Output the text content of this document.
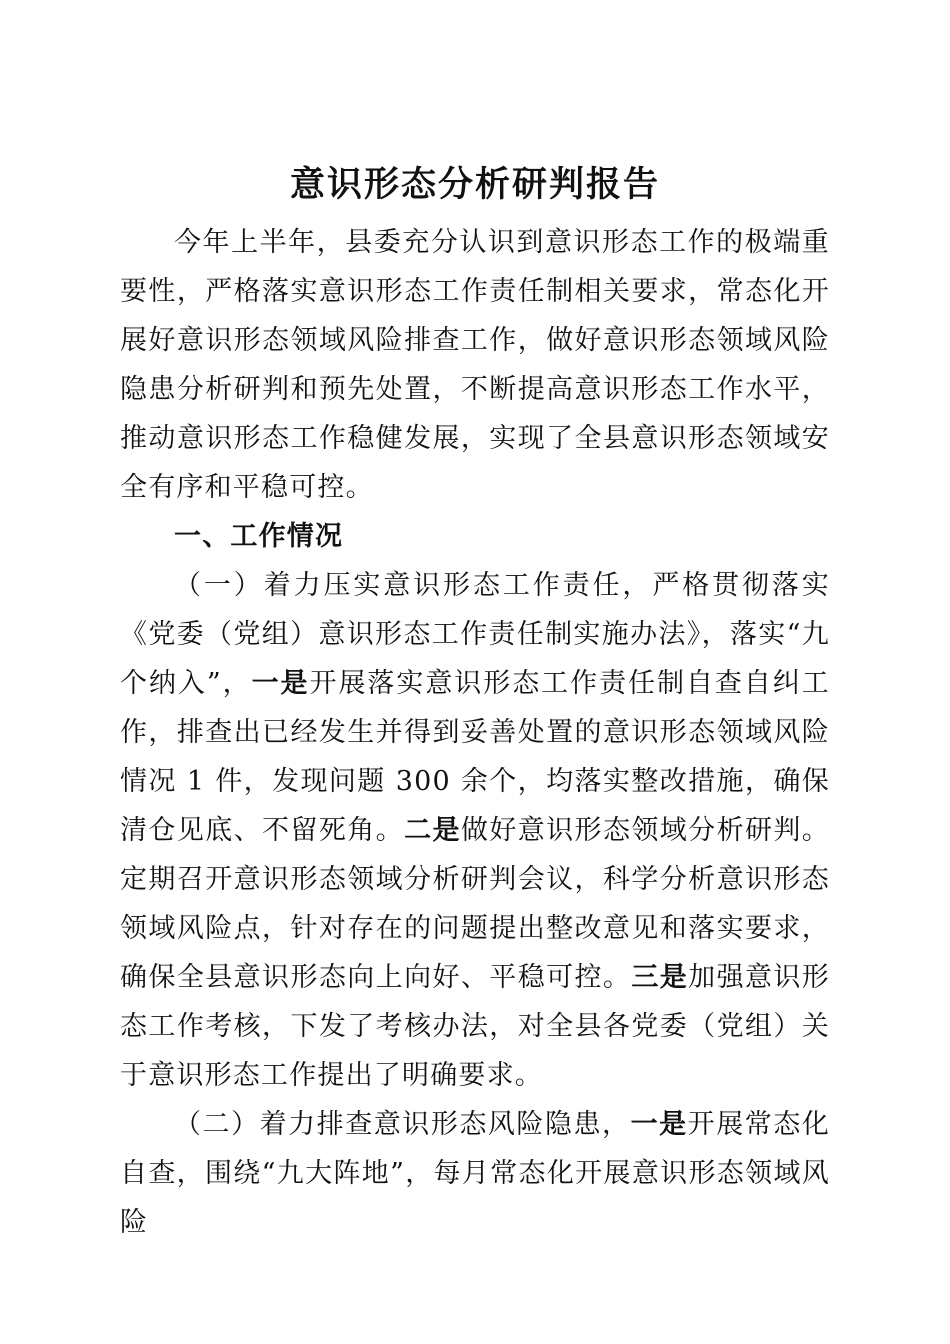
意识形态分析研判报告

今年上半年，县委充分认识到意识形态工作的极端重要性，严格落实意识形态工作责任制相关要求，常态化开展好意识形态领域风险排查工作，做好意识形态领域风险隐患分析研判和预先处置，不断提高意识形态工作水平，推动意识形态工作稳健发展，实现了全县意识形态领域安全有序和平稳可控。

一、工作情况

（一）着力压实意识形态工作责任，严格贯彻落实《党委（党组）意识形态工作责任制实施办法》，落实“九个纳入”，一是开展落实意识形态工作责任制自查自纠工作，排查出已经发生并得到妥善处置的意识形态领域风险情况 1 件，发现问题 300 余个，均落实整改措施，确保清仓见底、不留死角。二是做好意识形态领域分析研判。定期召开意识形态领域分析研判会议，科学分析意识形态领域风险点，针对存在的问题提出整改意见和落实要求，确保全县意识形态向上向好、平稳可控。三是加强意识形态工作考核，下发了考核办法，对全县各党委（党组）关于意识形态工作提出了明确要求。

（二）着力排查意识形态风险隐患，一是开展常态化自查，围绕“九大阵地”，每月常态化开展意识形态领域风险
